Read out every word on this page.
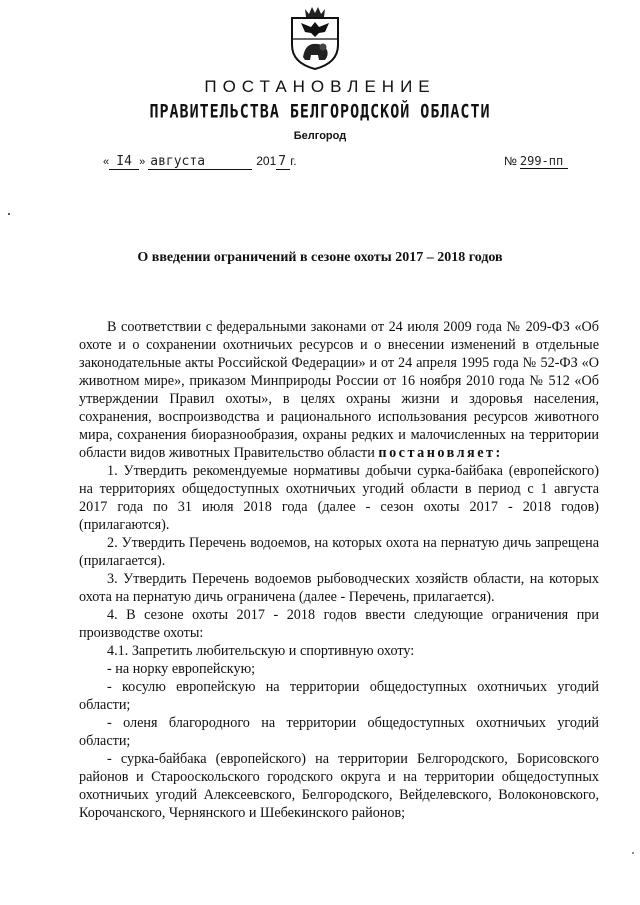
ПОСТАНОВЛЕНИЕ
ПРАВИТЕЛЬСТВА БЕЛГОРОДСКОЙ ОБЛАСТИ
Белгород
« I4 » августа	201 7 г.	№ 299-пп
О введении ограничений в сезоне охоты 2017 – 2018 годов

В соответствии с федеральными законами от 24 июля 2009 года № 209-ФЗ «Об охоте и о сохранении охотничьих ресурсов и о внесении изменений в отдельные законодательные акты Российской Федерации» и от 24 апреля 1995 года № 52-ФЗ «О животном мире», приказом Минприроды России от 16 ноября 2010 года № 512 «Об утверждении Правил охоты», в целях охраны жизни и здоровья населения, сохранения, воспроизводства и рационального использования ресурсов животного мира, сохранения биоразнообразия, охраны редких и малочисленных на территории области видов животных Правительство области постановляет:

1. Утвердить рекомендуемые нормативы добычи сурка-байбака (европейского) на территориях общедоступных охотничьих угодий области в период с 1 августа 2017 года по 31 июля 2018 года (далее - сезон охоты 2017 - 2018 годов) (прилагаются).

2. Утвердить Перечень водоемов, на которых охота на пернатую дичь запрещена (прилагается).

3. Утвердить Перечень водоемов рыбоводческих хозяйств области, на которых охота на пернатую дичь ограничена (далее - Перечень, прилагается).

4. В сезоне охоты 2017 - 2018 годов ввести следующие ограничения при производстве охоты:

4.1. Запретить любительскую и спортивную охоту:

- на норку европейскую;

- косулю европейскую на территории общедоступных охотничьих угодий области;

- оленя благородного на территории общедоступных охотничьих угодий области;

- сурка-байбака (европейского) на территории Белгородского, Борисовского районов и Старооскольского городского округа и на территории общедоступных охотничьих угодий Алексеевского, Белгородского, Вейделевского, Волоконовского, Корочанского, Чернянского и Шебекинского районов;
